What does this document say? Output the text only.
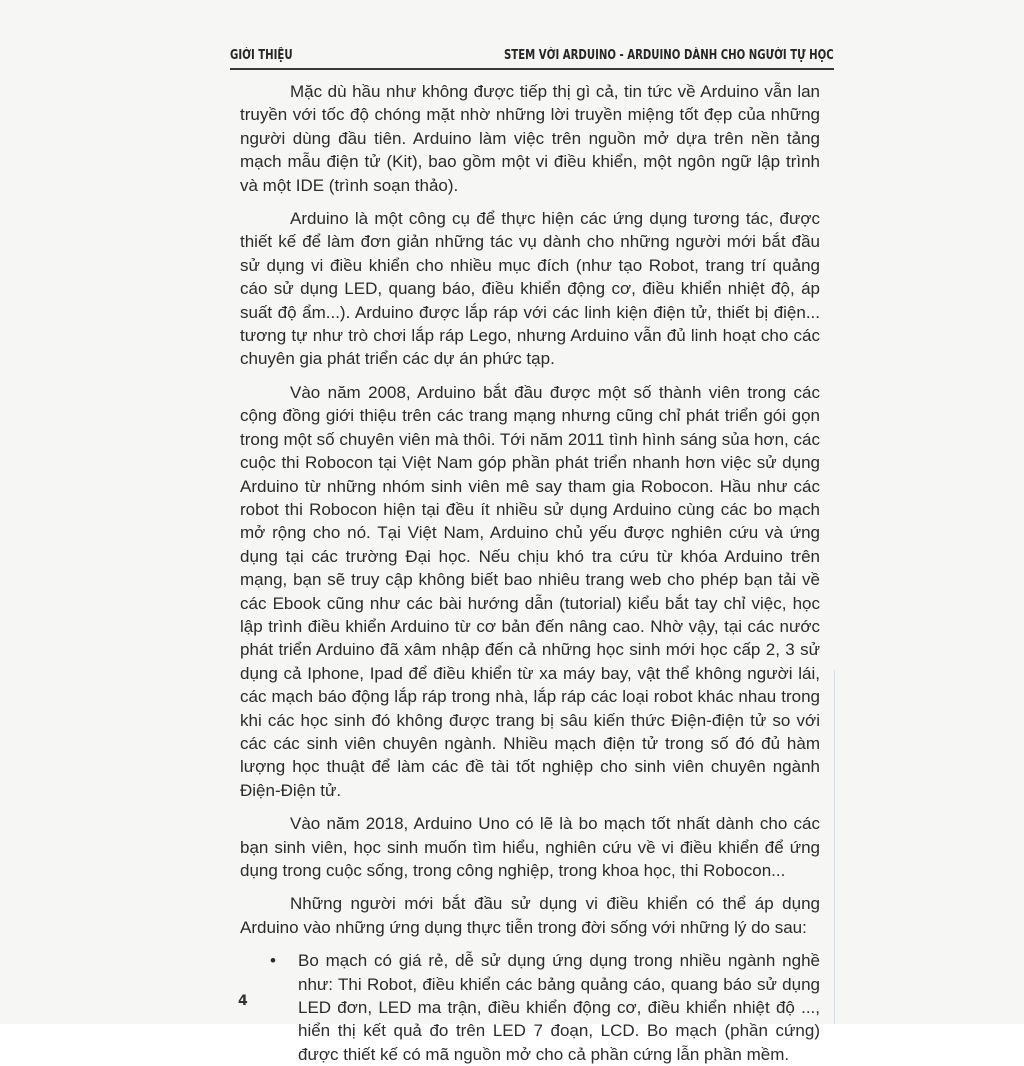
GIỚI THIỆU	STEM VỚI ARDUINO - ARDUINO DÀNH CHO NGƯỜI TỰ HỌC

Mặc dù hầu như không được tiếp thị gì cả, tin tức về Arduino vẫn lan truyền với tốc độ chóng mặt nhờ những lời truyền miệng tốt đẹp của những người dùng đầu tiên. Arduino làm việc trên nguồn mở dựa trên nền tảng mạch mẫu điện tử (Kit), bao gồm một vi điều khiển, một ngôn ngữ lập trình và một IDE (trình soạn thảo).

Arduino là một công cụ để thực hiện các ứng dụng tương tác, được thiết kế để làm đơn giản những tác vụ dành cho những người mới bắt đầu sử dụng vi điều khiển cho nhiều mục đích (như tạo Robot, trang trí quảng cáo sử dụng LED, quang báo, điều khiển động cơ, điều khiển nhiệt độ, áp suất độ ẩm...). Arduino được lắp ráp với các linh kiện điện tử, thiết bị điện... tương tự như trò chơi lắp ráp Lego, nhưng Arduino vẫn đủ linh hoạt cho các chuyên gia phát triển các dự án phức tạp.

Vào năm 2008, Arduino bắt đầu được một số thành viên trong các cộng đồng giới thiệu trên các trang mạng nhưng cũng chỉ phát triển gói gọn trong một số chuyên viên mà thôi. Tới năm 2011 tình hình sáng sủa hơn, các cuộc thi Robocon tại Việt Nam góp phần phát triển nhanh hơn việc sử dụng Arduino từ những nhóm sinh viên mê say tham gia Robocon. Hầu như các robot thi Robocon hiện tại đều ít nhiều sử dụng Arduino cùng các bo mạch mở rộng cho nó. Tại Việt Nam, Arduino chủ yếu được nghiên cứu và ứng dụng tại các trường Đại học. Nếu chịu khó tra cứu từ khóa Arduino trên mạng, bạn sẽ truy cập không biết bao nhiêu trang web cho phép bạn tải về các Ebook cũng như các bài hướng dẫn (tutorial) kiểu bắt tay chỉ việc, học lập trình điều khiển Arduino từ cơ bản đến nâng cao. Nhờ vậy, tại các nước phát triển Arduino đã xâm nhập đến cả những học sinh mới học cấp 2, 3 sử dụng cả Iphone, Ipad để điều khiển từ xa máy bay, vật thể không người lái, các mạch báo động lắp ráp trong nhà, lắp ráp các loại robot khác nhau trong khi các học sinh đó không được trang bị sâu kiến thức Điện-điện tử so với các các sinh viên chuyên ngành. Nhiều mạch điện tử trong số đó đủ hàm lượng học thuật để làm các đề tài tốt nghiệp cho sinh viên chuyên ngành Điện-Điện tử.

Vào năm 2018, Arduino Uno có lẽ là bo mạch tốt nhất dành cho các bạn sinh viên, học sinh muốn tìm hiểu, nghiên cứu về vi điều khiển để ứng dụng trong cuộc sống, trong công nghiệp, trong khoa học, thi Robocon...

Những người mới bắt đầu sử dụng vi điều khiển có thể áp dụng Arduino vào những ứng dụng thực tiễn trong đời sống với những lý do sau:

• Bo mạch có giá rẻ, dễ sử dụng ứng dụng trong nhiều ngành nghề như: Thi Robot, điều khiển các bảng quảng cáo, quang báo sử dụng LED đơn, LED ma trận, điều khiển động cơ, điều khiển nhiệt độ ..., hiển thị kết quả đo trên LED 7 đoạn, LCD. Bo mạch (phần cứng) được thiết kế có mã nguồn mở cho cả phần cứng lẫn phần mềm.
4
